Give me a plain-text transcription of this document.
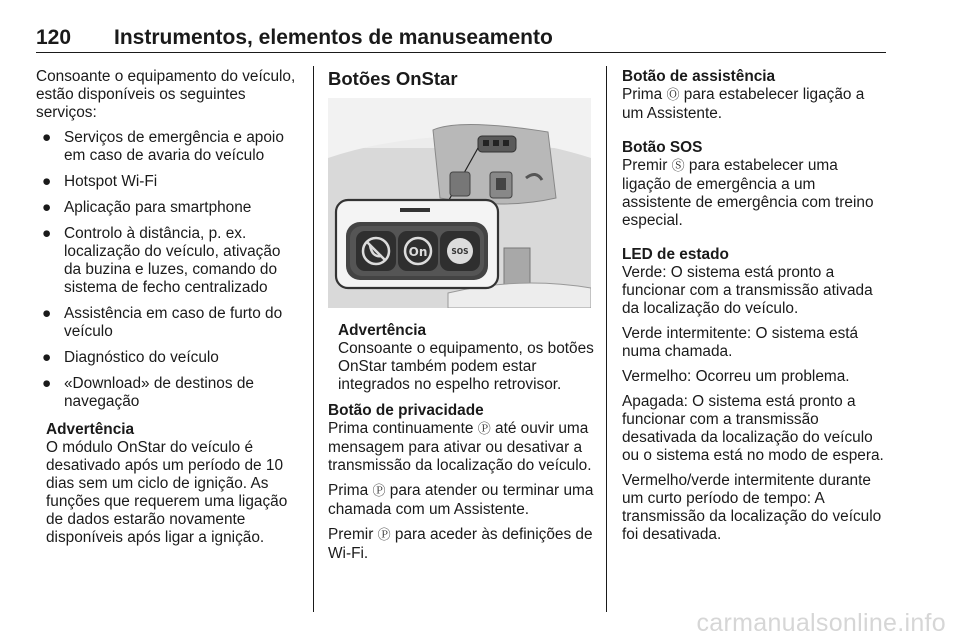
120 Instrumentos, elementos de manuseamento

Consoante o equipamento do veículo, estão disponíveis os seguintes serviços:

● Serviços de emergência e apoio em caso de avaria do veículo
● Hotspot Wi-Fi
● Aplicação para smartphone
● Controlo à distância, p. ex. localização do veículo, ativação da buzina e luzes, comando do sistema de fecho centralizado
● Assistência em caso de furto do veículo
● Diagnóstico do veículo
● «Download» de destinos de navegação
Advertência
O módulo OnStar do veículo é desativado após um período de 10 dias sem um ciclo de ignição. As funções que requerem uma ligação de dados estarão novamente disponíveis após ligar a ignição.
Botões OnStar
On	SOS
Advertência
Consoante o equipamento, os botões OnStar também podem estar integrados no espelho retrovisor.
Botão de privacidade

Prima continuamente Ⓟ até ouvir uma mensagem para ativar ou desativar a transmissão da localização do veículo.

Prima Ⓟ para atender ou terminar uma chamada com um Assistente.

Premir Ⓟ para aceder às definições de Wi-Fi.

Botão de assistência

Prima Ⓞ para estabelecer ligação a um Assistente.

Botão SOS

Premir Ⓢ para estabelecer uma ligação de emergência a um assistente de emergência com treino especial.

LED de estado

Verde: O sistema está pronto a funcionar com a transmissão ativada da localização do veículo.

Verde intermitente: O sistema está numa chamada.

Vermelho: Ocorreu um problema.

Apagada: O sistema está pronto a funcionar com a transmissão desativada da localização do veículo ou o sistema está no modo de espera.

Vermelho/verde intermitente durante um curto período de tempo: A transmissão da localização do veículo foi desativada.

carmanualsonline.info
